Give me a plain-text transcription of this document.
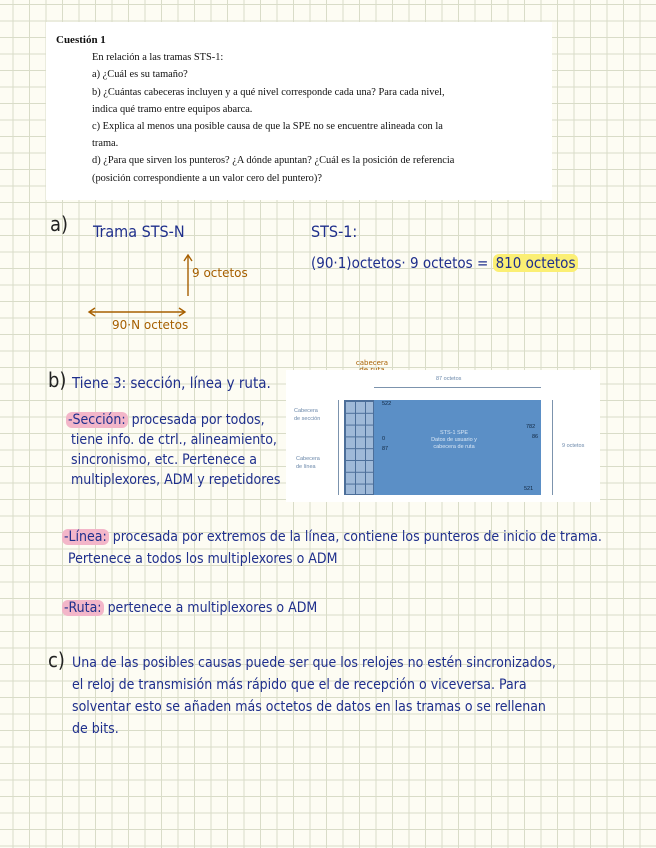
Cuestión 1
En relación a las tramas STS-1:
a) ¿Cuál es su tamaño?
b) ¿Cuántas cabeceras incluyen y a qué nivel corresponde cada una? Para cada nivel,
indica qué tramo entre equipos abarca.
c) Explica al menos una posible causa de que la SPE no se encuentre alineada con la
trama.
d) ¿Para que sirven los punteros? ¿A dónde apuntan? ¿Cuál es la posición de referencia
(posición correspondiente a un valor cero del puntero)?
a) Trama STS-N	STS-1:
(90·1)octetos· 9 octetos = 810 octetos
9 octetos
90·N octetos
b) Tiene 3: sección, línea y ruta.
-Sección: procesada por todos,
tiene info. de ctrl., alineamiento,
sincronismo, etc. Pertenece a
multiplexores, ADM y repetidores
cabecera
87 octetos
Cabecera
de sección
Cabecera
de línea
STS-1 SPE
Datos de usuario y
cabecera de ruta
522
0
87
782
86
521
9 octetos
-Línea: procesada por extremos de la línea, contiene los punteros de inicio de trama.
Pertenece a todos los multiplexores o ADM
-Ruta: pertenece a multiplexores o ADM
c) Una de las posibles causas puede ser que los relojes no estén sincronizados,
el reloj de transmisión más rápido que el de recepción o viceversa. Para
solventar esto se añaden más octetos de datos en las tramas o se rellenan
de bits.
